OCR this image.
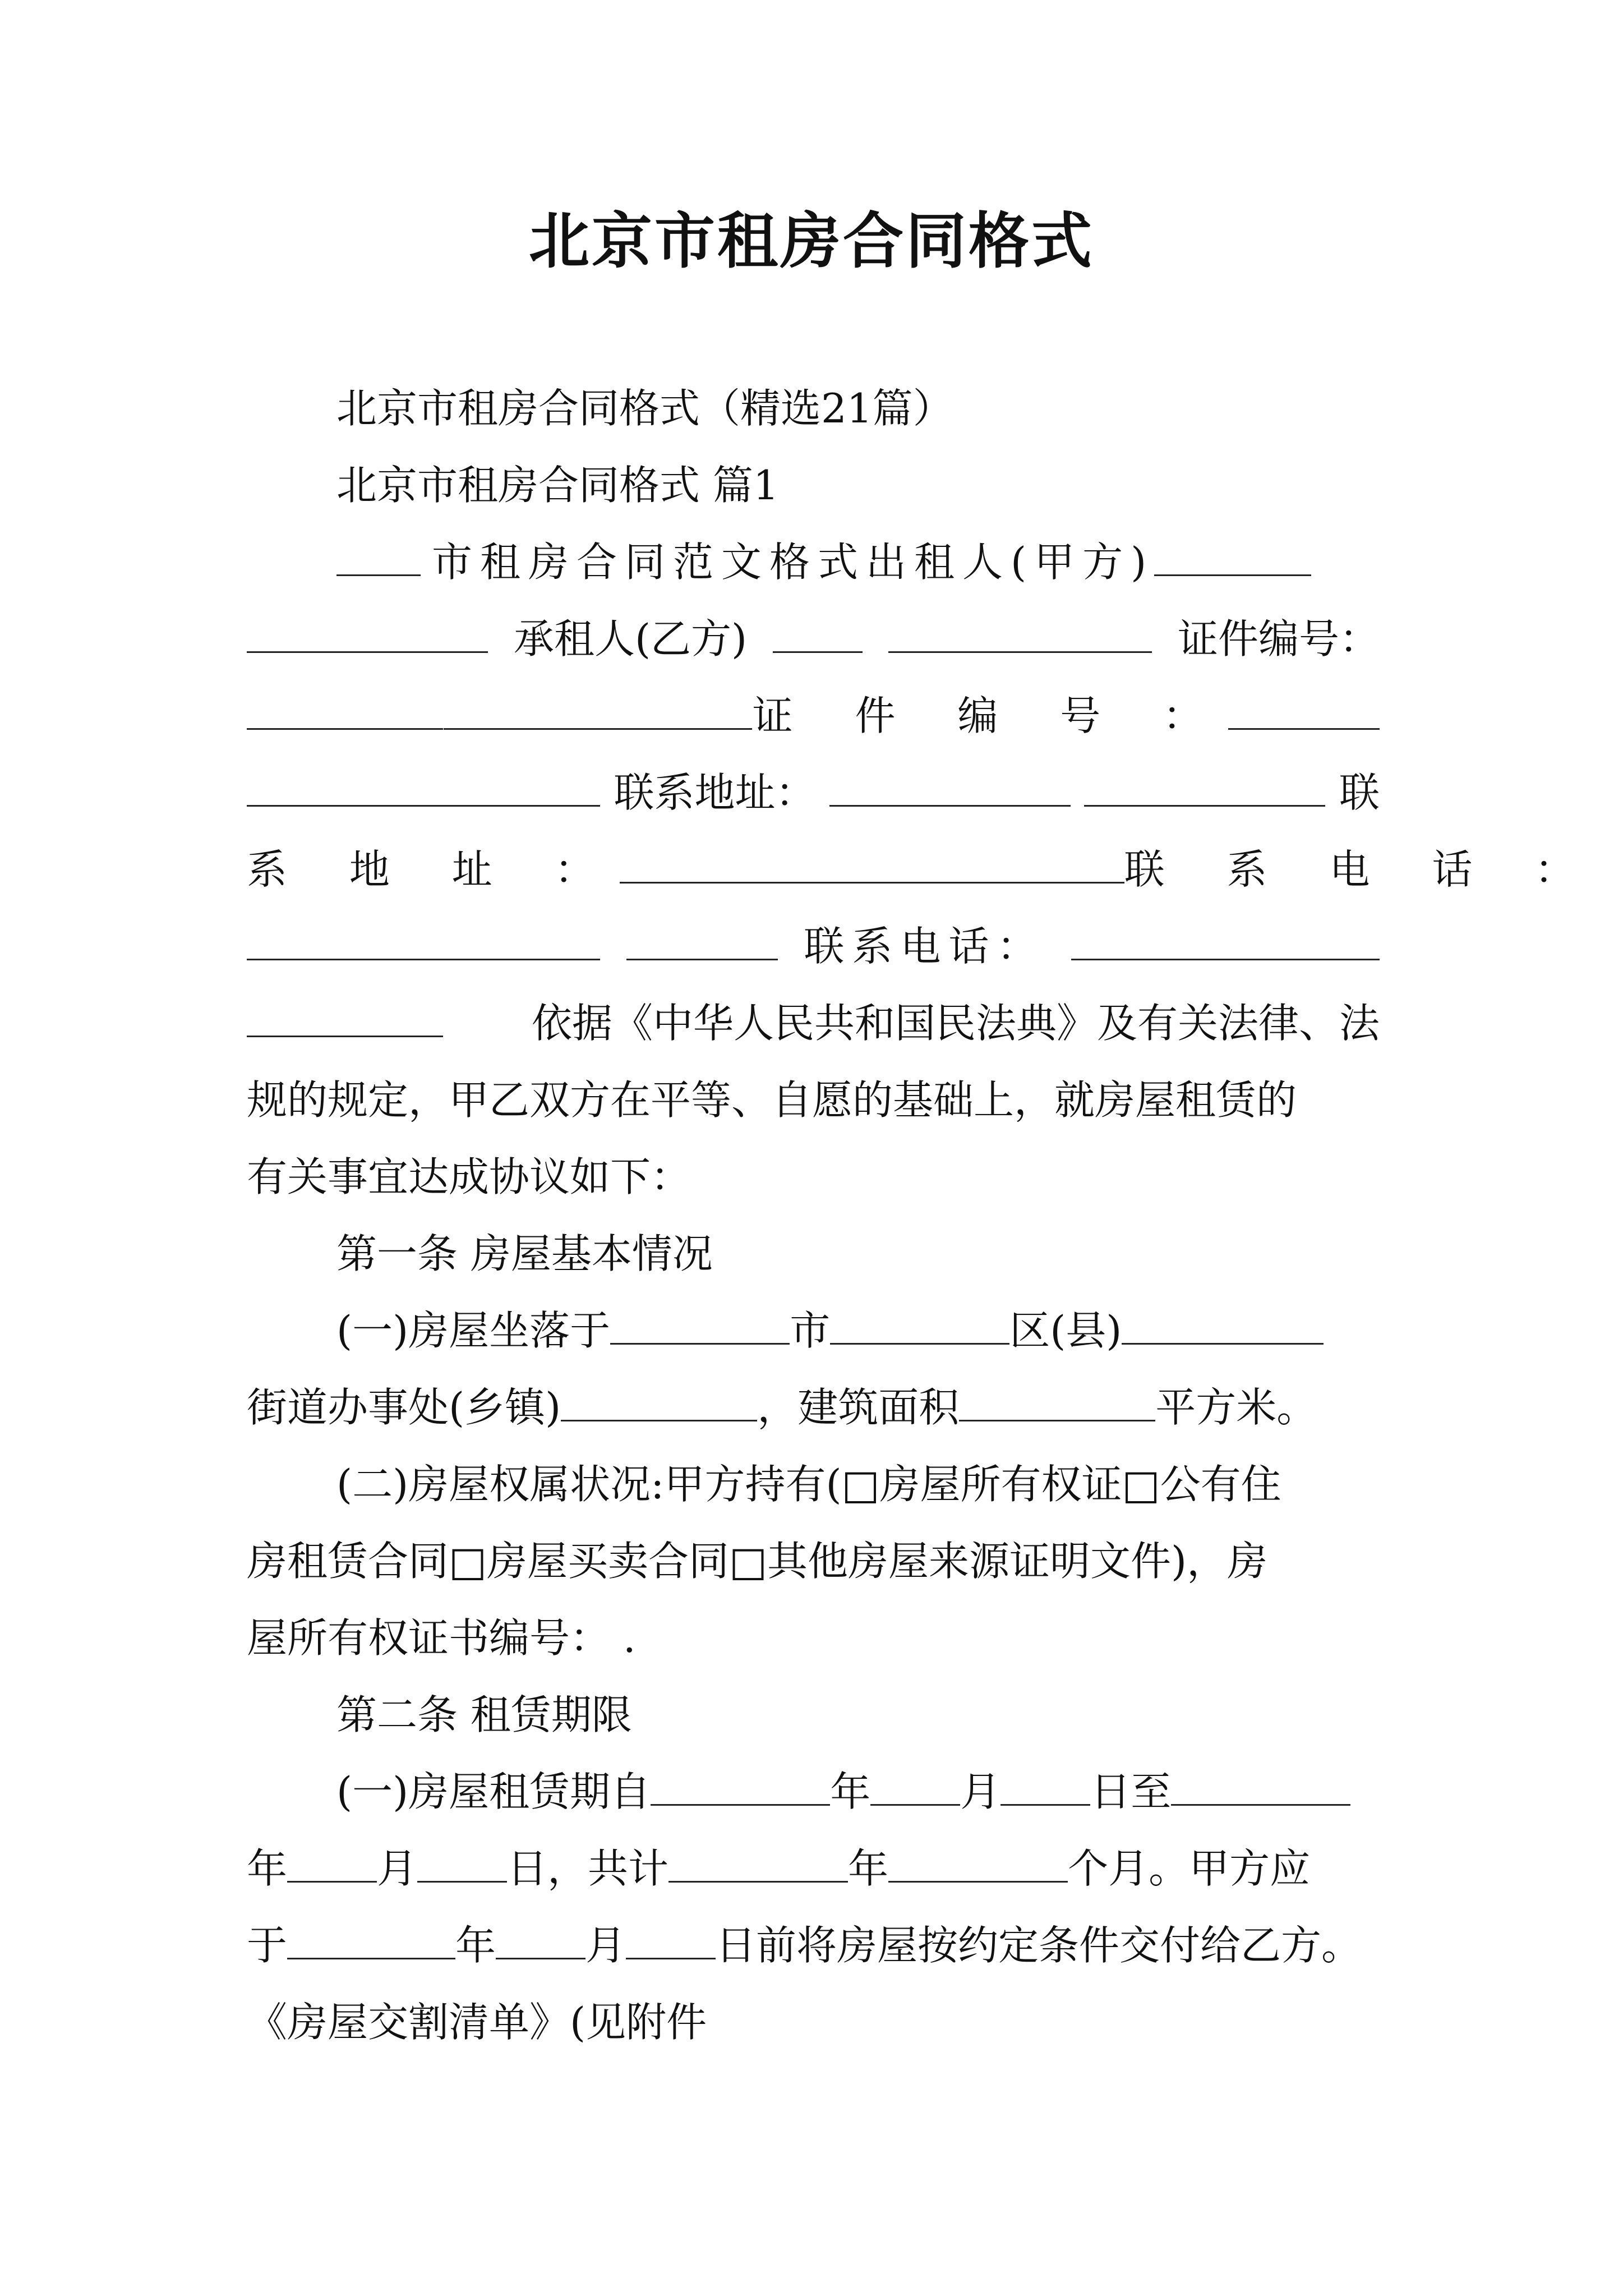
北京市租房合同格式
北京市租房合同格式（精选21篇）
北京市租房合同格式 篇1
市租房合同范文格式出租人(甲方)
承租人(乙方)	证件编号：
证 件 编 号 ：
联系地址：	联
系 地 址 ：	联 系 电 话 ：
联系电话：
依据《中华人民共和国民法典》及有关法律、法
规的规定，甲乙双方在平等、自愿的基础上，就房屋租赁的
有关事宜达成协议如下：
第一条 房屋基本情况
(一)房屋坐落于	市	区(县)
街道办事处(乡镇)	，建筑面积	平方米。
(二)房屋权属状况:甲方持有(□房屋所有权证□公有住
房租赁合同□房屋买卖合同□其他房屋来源证明文件)，房
屋所有权证书编号： .
第二条 租赁期限
(一)房屋租赁期自	年 月 日至
年 月 日，共计	年	个月。甲方应
于	年 月 日前将房屋按约定条件交付给乙方。
《房屋交割清单》(见附件
